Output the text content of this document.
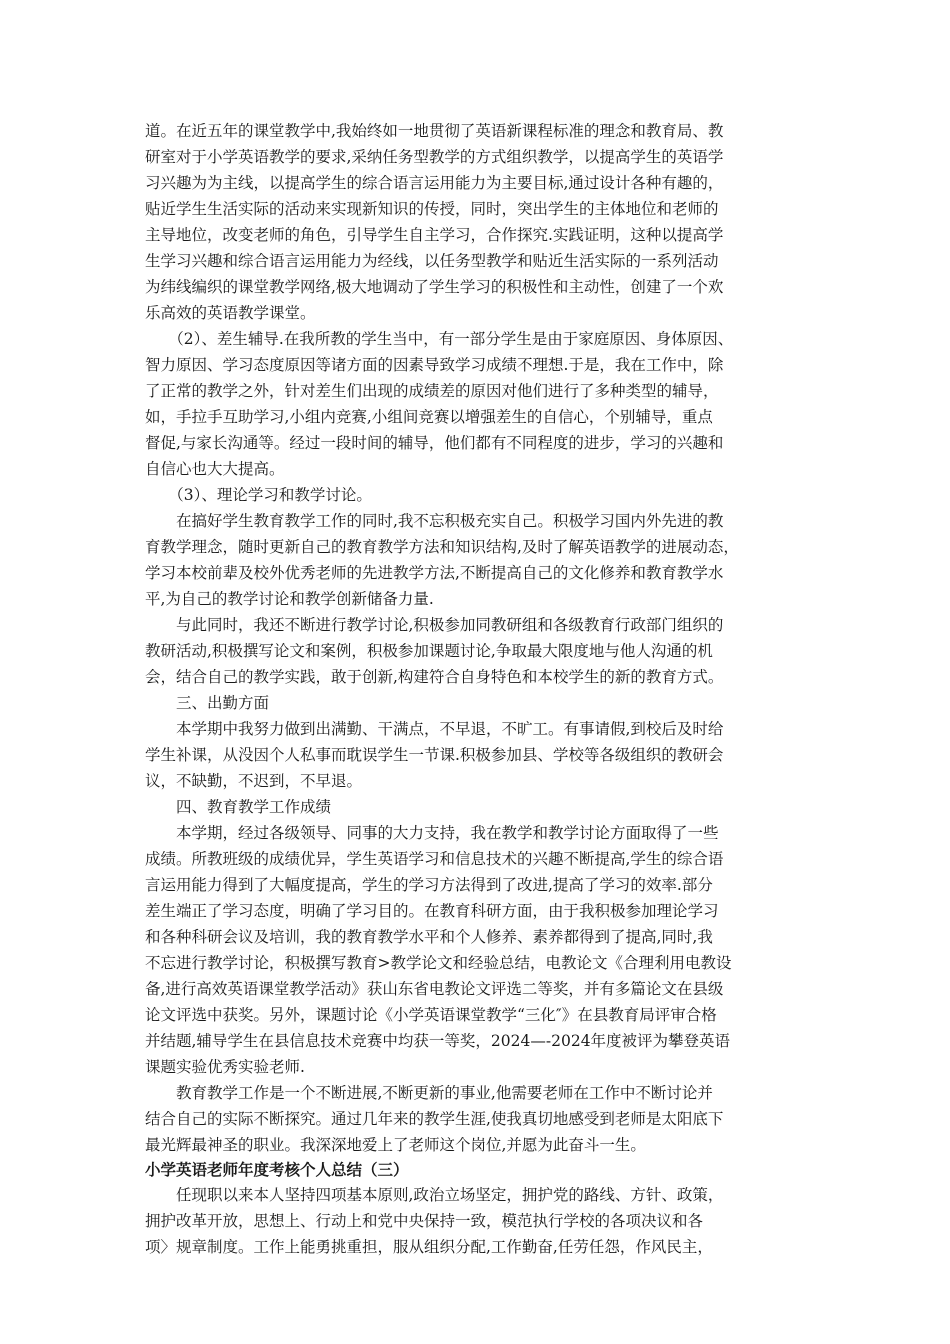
道。在近五年的课堂教学中,我始终如一地贯彻了英语新课程标准的理念和教育局、教
研室对于小学英语教学的要求,采纳任务型教学的方式组织教学，以提高学生的英语学
习兴趣为为主线，以提高学生的综合语言运用能力为主要目标,通过设计各种有趣的，
贴近学生生活实际的活动来实现新知识的传授，同时，突出学生的主体地位和老师的
主导地位，改变老师的角色，引导学生自主学习，合作探究.实践证明，这种以提高学
生学习兴趣和综合语言运用能力为经线，以任务型教学和贴近生活实际的一系列活动
为纬线编织的课堂教学网络,极大地调动了学生学习的积极性和主动性，创建了一个欢
乐高效的英语教学课堂。
　　（2）、差生辅导.在我所教的学生当中，有一部分学生是由于家庭原因、身体原因、
智力原因、学习态度原因等诸方面的因素导致学习成绩不理想.于是，我在工作中，除
了正常的教学之外，针对差生们出现的成绩差的原因对他们进行了多种类型的辅导，
如，手拉手互助学习,小组内竞赛,小组间竞赛以增强差生的自信心，个别辅导，重点
督促,与家长沟通等。经过一段时间的辅导，他们都有不同程度的进步，学习的兴趣和
自信心也大大提高。
　　（3）、理论学习和教学讨论。
　　在搞好学生教育教学工作的同时,我不忘积极充实自己。积极学习国内外先进的教
育教学理念，随时更新自己的教育教学方法和知识结构,及时了解英语教学的进展动态，
学习本校前辈及校外优秀老师的先进教学方法,不断提高自己的文化修养和教育教学水
平,为自己的教学讨论和教学创新储备力量.
　　与此同时，我还不断进行教学讨论,积极参加同教研组和各级教育行政部门组织的
教研活动,积极撰写论文和案例，积极参加课题讨论,争取最大限度地与他人沟通的机
会，结合自己的教学实践，敢于创新,构建符合自身特色和本校学生的新的教育方式。
　　三、出勤方面
　　本学期中我努力做到出满勤、干满点，不早退，不旷工。有事请假,到校后及时给
学生补课，从没因个人私事而耽误学生一节课.积极参加县、学校等各级组织的教研会
议，不缺勤，不迟到，不早退。
　　四、教育教学工作成绩
　　本学期，经过各级领导、同事的大力支持，我在教学和教学讨论方面取得了一些
成绩。所教班级的成绩优异，学生英语学习和信息技术的兴趣不断提高,学生的综合语
言运用能力得到了大幅度提高，学生的学习方法得到了改进,提高了学习的效率.部分
差生端正了学习态度，明确了学习目的。在教育科研方面，由于我积极参加理论学习
和各种科研会议及培训，我的教育教学水平和个人修养、素养都得到了提高,同时,我
不忘进行教学讨论，积极撰写教育>教学论文和经验总结，电教论文《合理利用电教设
备,进行高效英语课堂教学活动》获山东省电教论文评选二等奖，并有多篇论文在县级
论文评选中获奖。另外，课题讨论《小学英语课堂教学“三化″》在县教育局评审合格
并结题,辅导学生在县信息技术竞赛中均获一等奖，2024—-2024年度被评为攀登英语
课题实验优秀实验老师.
　　教育教学工作是一个不断进展,不断更新的事业,他需要老师在工作中不断讨论并
结合自己的实际不断探究。通过几年来的教学生涯,使我真切地感受到老师是太阳底下
最光辉最神圣的职业。我深深地爱上了老师这个岗位,并愿为此奋斗一生。
小学英语老师年度考核个人总结（三）
　　任现职以来本人坚持四项基本原则,政治立场坚定，拥护党的路线、方针、政策，
拥护改革开放，思想上、行动上和党中央保持一致，模范执行学校的各项决议和各
项〉规章制度。工作上能勇挑重担，服从组织分配,工作勤奋,任劳任怨，作风民主，
